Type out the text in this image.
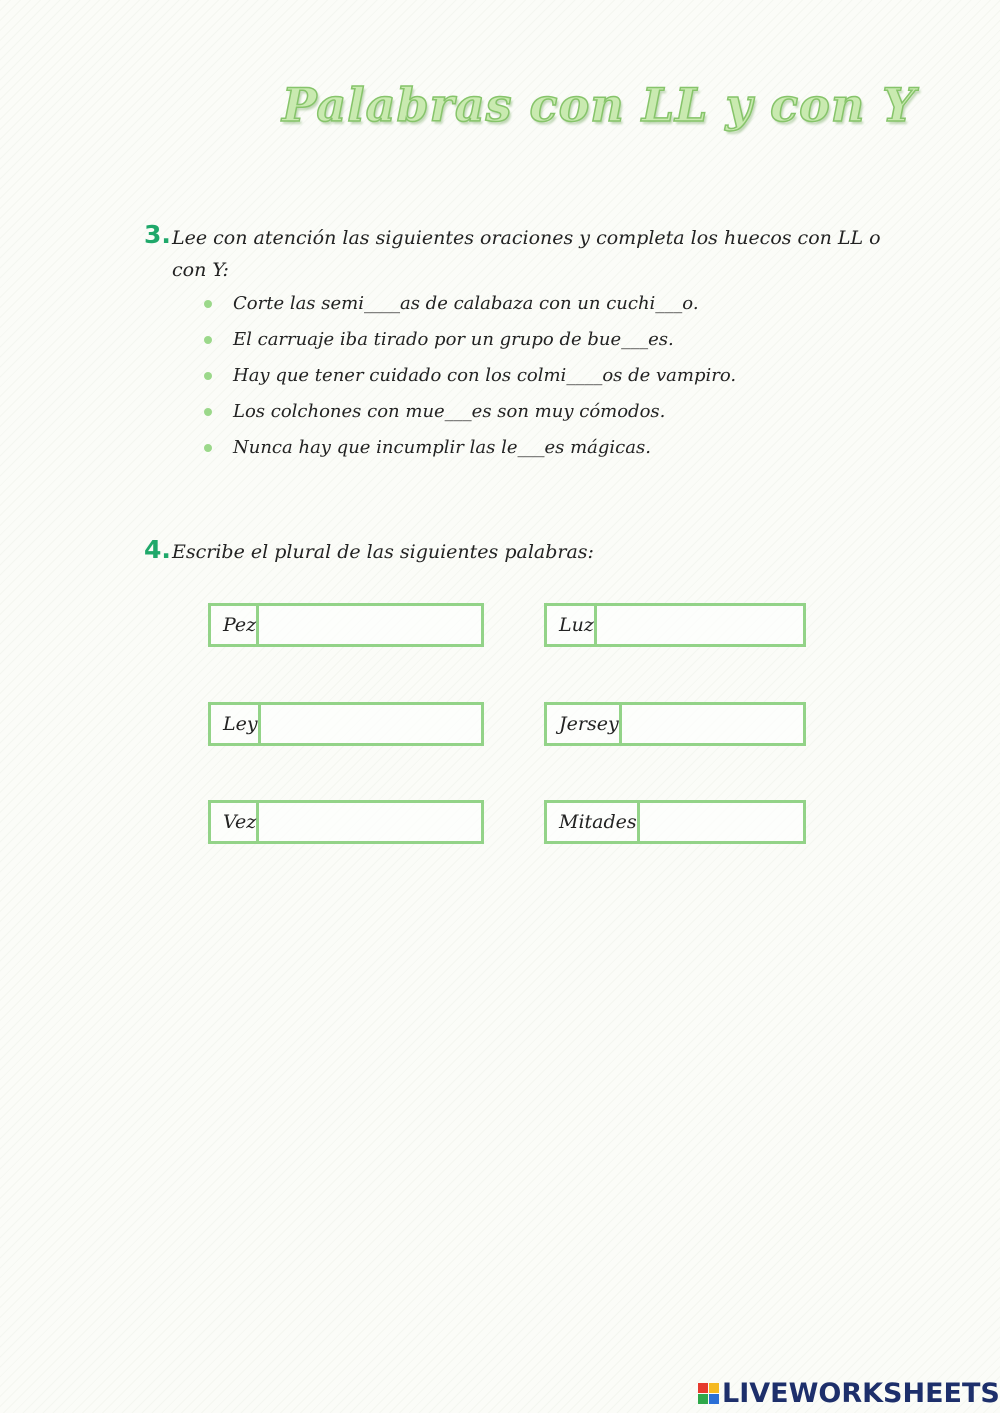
Palabras con LL y con Y
3. Lee con atención las siguientes oraciones y completa los huecos con LL o
con Y:
Corte las semi____as de calabaza con un cuchi___o.
El carruaje iba tirado por un grupo de bue___es.
Hay que tener cuidado con los colmi____os de vampiro.
Los colchones con mue___es son muy cómodos.
Nunca hay que incumplir las le___es mágicas.
4. Escribe el plural de las siguientes palabras:
Pez
Ley
Vez
Luz
Jersey
Mitades
LIVEWORKSHEETS
